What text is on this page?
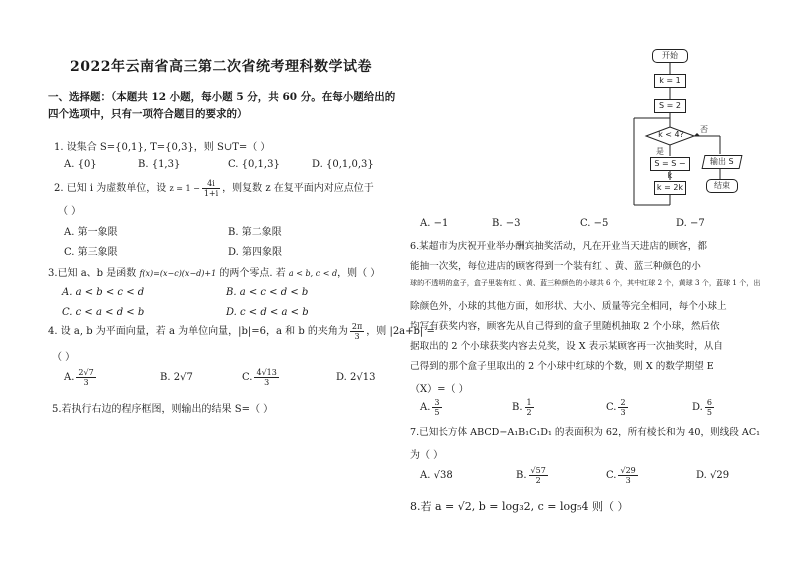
2022年云南省高三第二次省统考理科数学试卷
一、选择题：（本题共 12 小题，每小题 5 分，共 60 分。在每小题给出的
四个选项中，只有一项符合题目的要求的）
1. 设集合 S={0,1}, T={0,3}，则 S∪T=（ ）
A. {0}	B. {1,3}	C. {0,1,3}	D. {0,1,0,3}
2. 已知 i 为虚数单位，设 $z = 1 - \frac{4i}{1+i}$ ，则复数 z 在复平面内对应点位于
（ ）
A. 第一象限	B. 第二象限
C. 第三象限	D. 第四象限
3.已知 a、b 是函数 f(x)=(x−c)(x−d)+1 的两个零点. 若 a < b, c < d，则（ ）
A. a < b < c < d	B. a < c < d < b
C. c < a < d < b	D. c < d < a < b
4. 设 a, b 为平面向量，若 a 为单位向量，|b|=6，a 和 b 的夹角为 $\frac{2\pi}{3}$ ，则 |2a+b| =
（ ）
A. $\frac{2√7}{3}$	B. 2√7	C. $\frac{4√13}{3}$	D. 2√13
5.若执行右边的程序框图，则输出的结果 S=（ ）
开始
k = 1
S = 2
k < 4?
否
是
S = S − k
k = 2k
输出 S
结束
A. −1	B. −3	C. −5	D. −7
6.某超市为庆祝开业举办酬宾抽奖活动，凡在开业当天进店的顾客，都
能抽一次奖，每位进店的顾客得到一个装有红 、黄、蓝三种颜色的小
球的不透明的盒子，盒子里装有红 、黄、蓝三种颜色的小球共 6 个，其中红球 2 个，黄球 3 个，蓝球 1 个，出
除颜色外，小球的其他方面，如形状、大小、质量等完全相同，每个小球上
均写有获奖内容，顾客先从自己得到的盒子里随机抽取 2 个小球，然后依
据取出的 2 个小球获奖内容去兑奖，设 X 表示某顾客再一次抽奖时，从自
己得到的那个盒子里取出的 2 个小球中红球的个数，则 X 的数学期望 E
（X）=（ ）
A. $\frac{3}{5}$	B. $\frac{1}{2}$	C. $\frac{2}{3}$	D. $\frac{6}{5}$
7.已知长方体 ABCD−A₁B₁C₁D₁ 的表面积为 62，所有棱长和为 40，则线段 AC₁
为（ ）
A. √38	B. $\frac{√57}{2}$	C. $\frac{√29}{3}$	D. √29
8.若 a = √2, b = log₃2, c = log₅4 则（ ）
